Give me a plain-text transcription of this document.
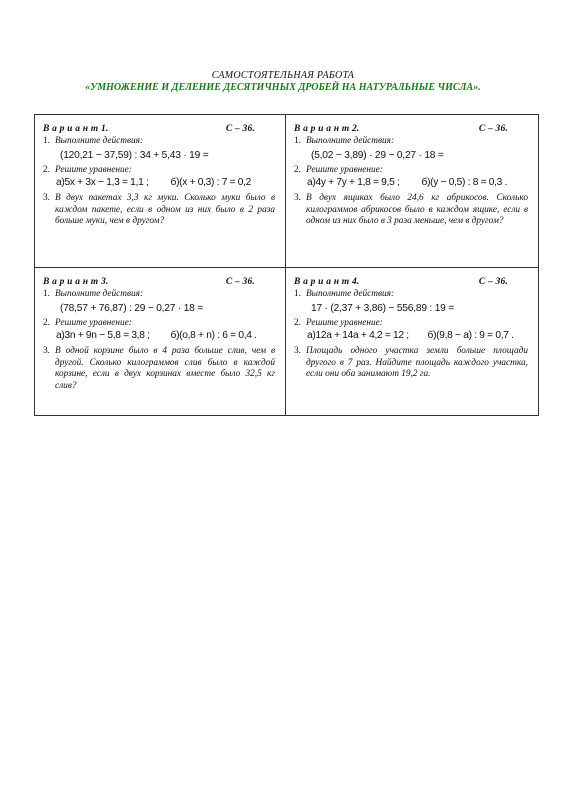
САМОСТОЯТЕЛЬНАЯ РАБОТА
«УМНОЖЕНИЕ И ДЕЛЕНИЕ ДЕСЯТИЧНЫХ ДРОБЕЙ НА НАТУРАЛЬНЫЕ ЧИСЛА».
В а р и а н т 1.	С – 36.
1. Выполните действия:
(120,21 − 37,59) : 34 + 5,43 · 19 =
2. Решите уравнение:
а)5x + 3x − 1,3 = 1,1 ; б)(x + 0,3) : 7 = 0,2
3. В двух пакетах 3,3 кг муки. Сколько муки было в каждом пакете, если в одном из них было в 2 раза больше муки, чем в другом?
В а р и а н т 2.	С – 36.
1. Выполните действия:
(5,02 − 3,89) · 29 − 0,27 · 18 =
2. Решите уравнение:
а)4y + 7y + 1,8 = 9,5 ; б)(y − 0,5) : 8 = 0,3 .
3. В двух ящиках было 24,6 кг абрикосов. Сколько килограммов абрикосов было в каждом ящике, если в одном из них было в 3 раза меньше, чем в другом?
В а р и а н т 3.	С – 36.
1. Выполните действия:
(78,57 + 76,87) : 29 − 0,27 · 18 =
2. Решите уравнение:
а)3n + 9n − 5,8 = 3,8 ; б)(o,8 + n) : 6 = 0,4 .
3. В одной корзине было в 4 раза больше слив, чем в другой. Сколько килограммов слив было в каждой корзине, если в двух корзинах вместе было 32,5 кг слив?
В а р и а н т 4.	С – 36.
1. Выполните действия:
17 · (2,37 + 3,86) − 556,89 : 19 =
2. Решите уравнение:
а)12a + 14a + 4,2 = 12 ; б)(9,8 − a) : 9 = 0,7 .
3. Площадь одного участка земли больше площади другого в 7 раз. Найдите площадь каждого участка, если они оба занимают 19,2 га.
